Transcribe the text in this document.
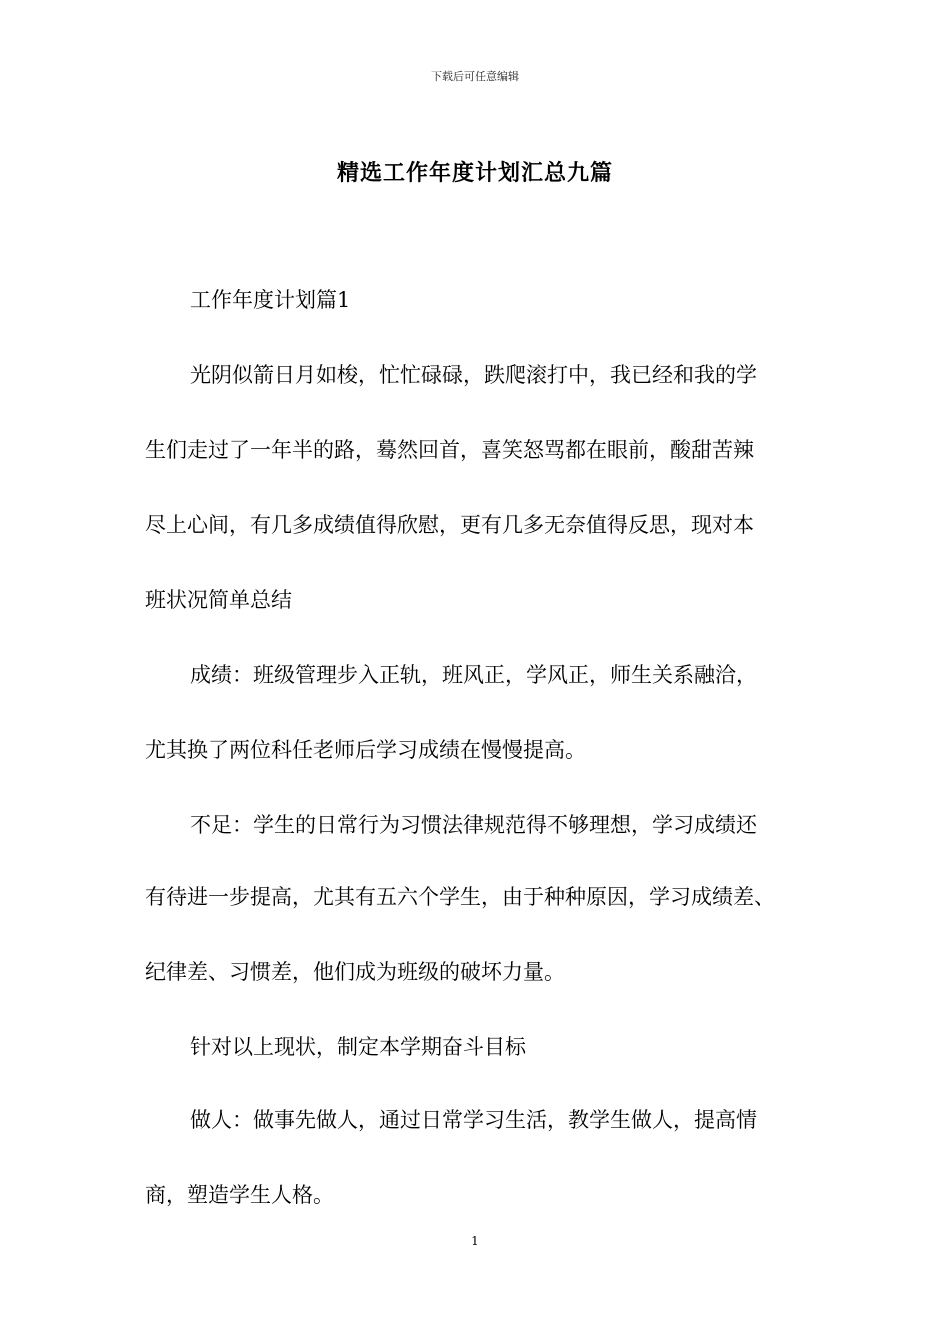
下载后可任意编辑
精选工作年度计划汇总九篇
工作年度计划篇1
光阴似箭日月如梭，忙忙碌碌，跌爬滚打中，我已经和我的学
生们走过了一年半的路，蓦然回首，喜笑怒骂都在眼前，酸甜苦辣
尽上心间，有几多成绩值得欣慰，更有几多无奈值得反思，现对本
班状况简单总结
成绩：班级管理步入正轨，班风正，学风正，师生关系融洽，
尤其换了两位科任老师后学习成绩在慢慢提高。
不足：学生的日常行为习惯法律规范得不够理想，学习成绩还
有待进一步提高，尤其有五六个学生，由于种种原因，学习成绩差、
纪律差、习惯差，他们成为班级的破坏力量。
针对以上现状，制定本学期奋斗目标
做人：做事先做人，通过日常学习生活，教学生做人，提高情
商，塑造学生人格。
1
